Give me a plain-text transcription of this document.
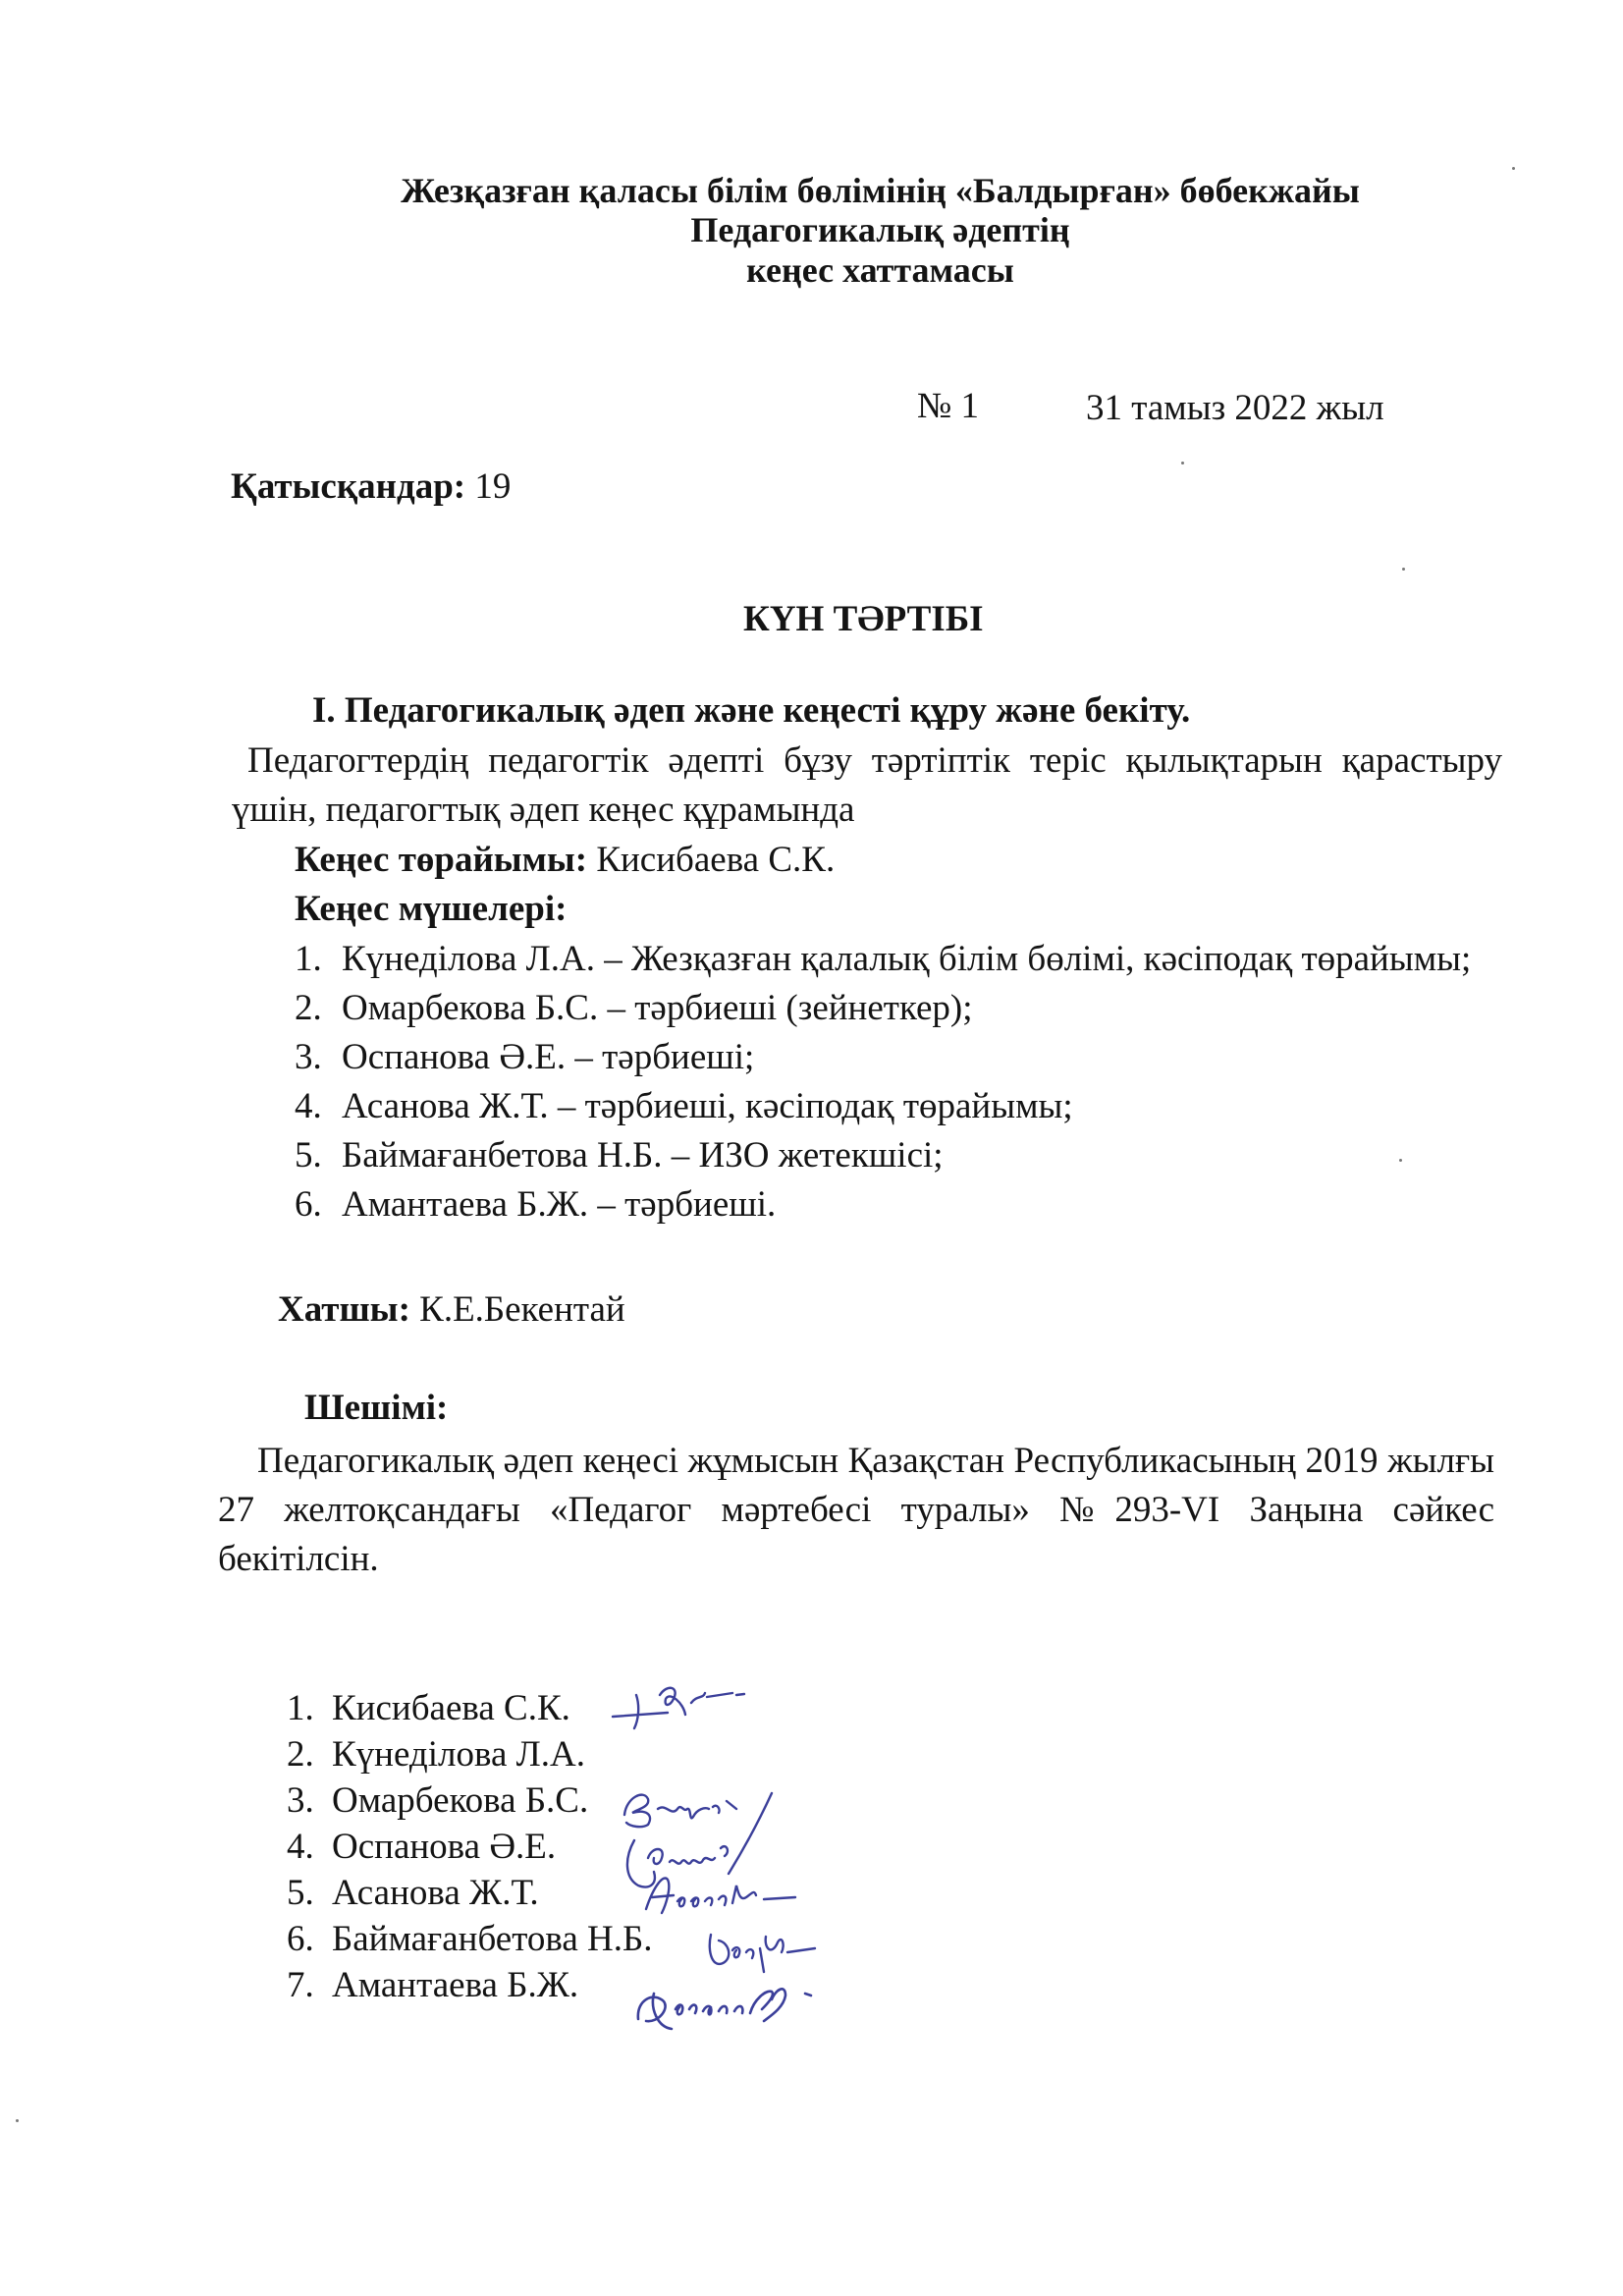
Жезқазған қаласы білім бөлімінің «Балдырған» бөбекжайы
Педагогикалық әдептің
кеңес хаттамасы
№ 1	31 тамыз 2022 жыл
Қатысқандар: 19
КҮН ТӘРТІБІ
I. Педагогикалық әдеп және кеңесті құру және бекіту.
Педагогтердің педагогтік әдепті бұзу тәртіптік теріс қылықтарын қарастыру үшін, педагогтық әдеп кеңес құрамында
Кеңес төрайымы: Кисибаева С.К.
Кеңес мүшелері:
1. Күнеділова Л.А. – Жезқазған қалалық білім бөлімі, кәсіподақ төрайымы;
2. Омарбекова Б.С. – тәрбиеші (зейнеткер);
3. Оспанова Ә.Е. – тәрбиеші;
4. Асанова Ж.Т. – тәрбиеші, кәсіподақ төрайымы;
5. Баймағанбетова Н.Б. – ИЗО жетекшісі;
6. Амантаева Б.Ж. – тәрбиеші.
Хатшы: К.Е.Бекентай
Шешімі:
Педагогикалық әдеп кеңесі жұмысын Қазақстан Республикасының 2019 жылғы 27 желтоқсандағы «Педагог мәртебесі туралы» №293-VI Заңына сәйкес бекітілсін.
1. Кисибаева С.К.
2. Күнеділова Л.А.
3. Омарбекова Б.С.
4. Оспанова Ә.Е.
5. Асанова Ж.Т.
6. Баймағанбетова Н.Б.
7. Амантаева Б.Ж.
